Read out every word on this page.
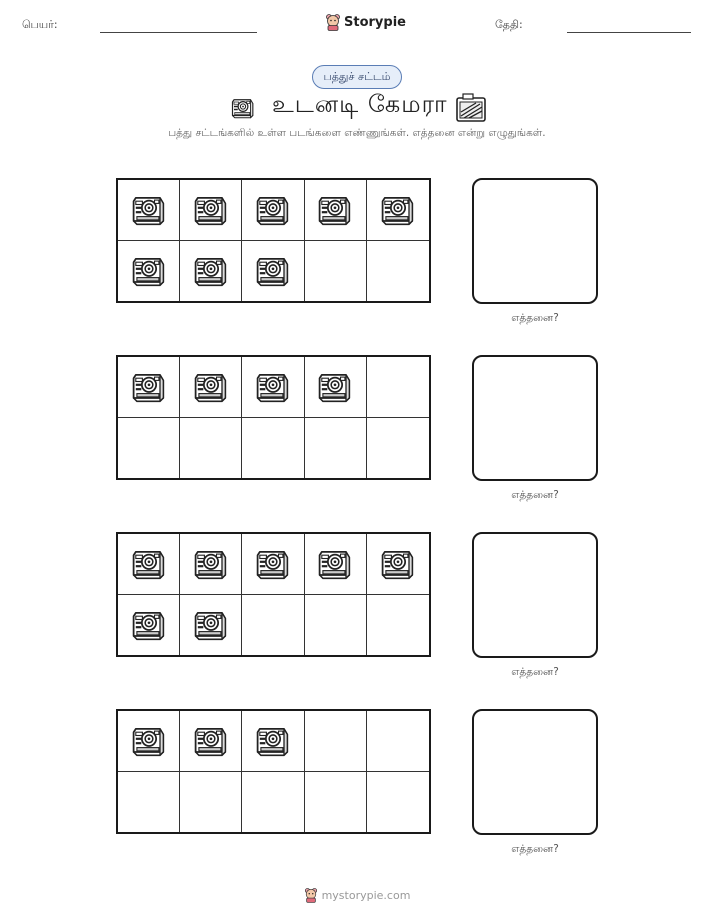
பெயர்:	Storypie	தேதி:
பத்துச் சட்டம்
உடனடி கேமரா
பத்து சட்டங்களில் உள்ள படங்களை எண்ணுங்கள். எத்தனை என்று எழுதுங்கள்.
எத்தனை?
எத்தனை?
எத்தனை?
எத்தனை?
mystorypie.com
